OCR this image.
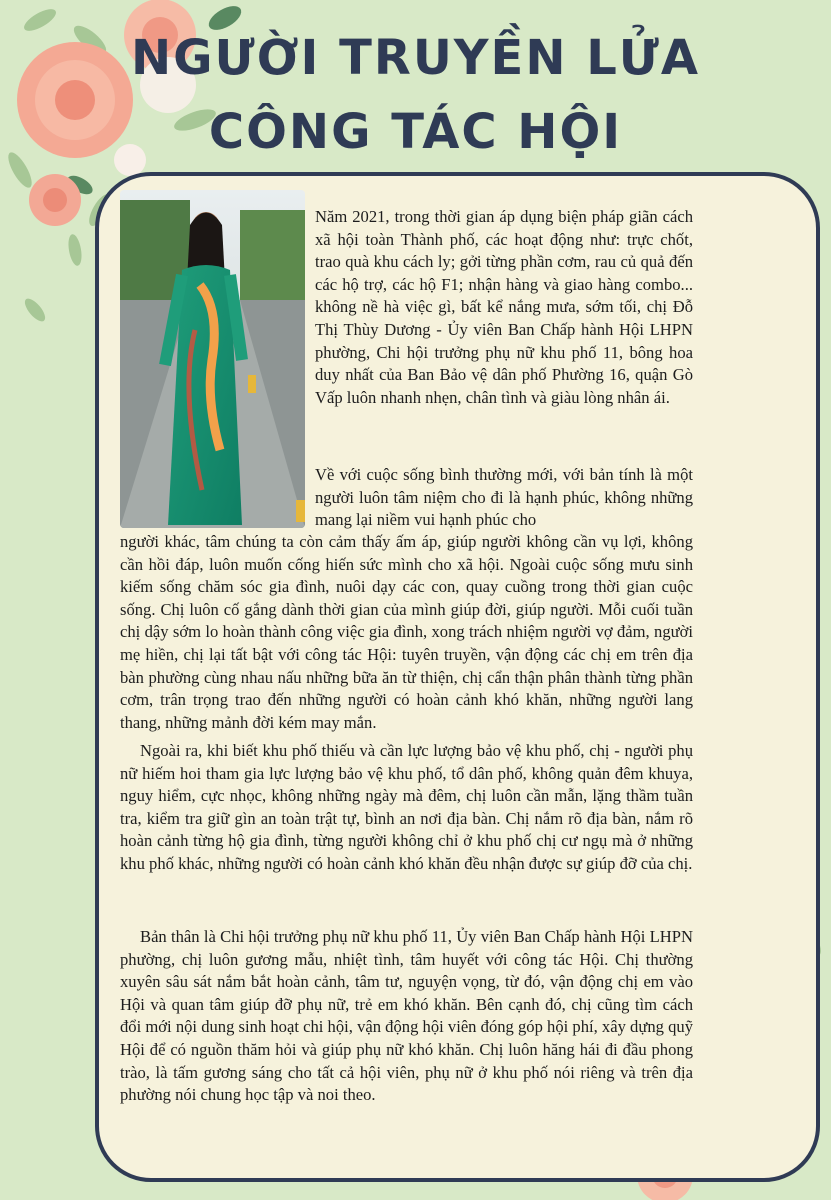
NGƯỜI TRUYỀN LỬA
CÔNG TÁC HỘI

Năm 2021, trong thời gian áp dụng biện pháp giãn cách xã hội toàn Thành phố, các hoạt động như: trực chốt, trao quà khu cách ly; gởi từng phần cơm, rau củ quả đến các hộ trợ, các hộ F1; nhận hàng và giao hàng combo... không nề hà việc gì, bất kể nắng mưa, sớm tối, chị Đỗ Thị Thùy Dương - Ủy viên Ban Chấp hành Hội LHPN phường, Chi hội trưởng phụ nữ khu phố 11, bông hoa duy nhất của Ban Bảo vệ dân phố Phường 16, quận Gò Vấp luôn nhanh nhẹn, chân tình và giàu lòng nhân ái.

Về với cuộc sống bình thường mới, với bản tính là một người luôn tâm niệm cho đi là hạnh phúc, không những mang lại niềm vui hạnh phúc cho

người khác, tâm chúng ta còn cảm thấy ấm áp, giúp người không cần vụ lợi, không cần hồi đáp, luôn muốn cống hiến sức mình cho xã hội. Ngoài cuộc sống mưu sinh kiếm sống chăm sóc gia đình, nuôi dạy các con, quay cuồng trong thời gian cuộc sống. Chị luôn cố gắng dành thời gian của mình giúp đời, giúp người. Mỗi cuối tuần chị dậy sớm lo hoàn thành công việc gia đình, xong trách nhiệm người vợ đảm, người mẹ hiền, chị lại tất bật với công tác Hội: tuyên truyền, vận động các chị em trên địa bàn phường cùng nhau nấu những bữa ăn từ thiện, chị cẩn thận phân thành từng phần cơm, trân trọng trao đến những người có hoàn cảnh khó khăn, những người lang thang, những mảnh đời kém may mắn.

Ngoài ra, khi biết khu phố thiếu và cần lực lượng bảo vệ khu phố, chị - người phụ nữ hiếm hoi tham gia lực lượng bảo vệ khu phố, tổ dân phố, không quản đêm khuya, nguy hiểm, cực nhọc, không những ngày mà đêm, chị luôn cần mẫn, lặng thầm tuần tra, kiểm tra giữ gìn an toàn trật tự, bình an nơi địa bàn. Chị nắm rõ địa bàn, nắm rõ hoàn cảnh từng hộ gia đình, từng người không chỉ ở khu phố chị cư ngụ mà ở những khu phố khác, những người có hoàn cảnh khó khăn đều nhận được sự giúp đỡ của chị.

Bản thân là Chi hội trưởng phụ nữ khu phố 11, Ủy viên Ban Chấp hành Hội LHPN phường, chị luôn gương mẫu, nhiệt tình, tâm huyết với công tác Hội. Chị thường xuyên sâu sát nắm bắt hoàn cảnh, tâm tư, nguyện vọng, từ đó, vận động chị em vào Hội và quan tâm giúp đỡ phụ nữ, trẻ em khó khăn. Bên cạnh đó, chị cũng tìm cách đổi mới nội dung sinh hoạt chi hội, vận động hội viên đóng góp hội phí, xây dựng quỹ Hội để có nguồn thăm hỏi và giúp phụ nữ khó khăn. Chị luôn hăng hái đi đầu phong trào, là tấm gương sáng cho tất cả hội viên, phụ nữ ở khu phố nói riêng và trên địa phường nói chung học tập và noi theo.
